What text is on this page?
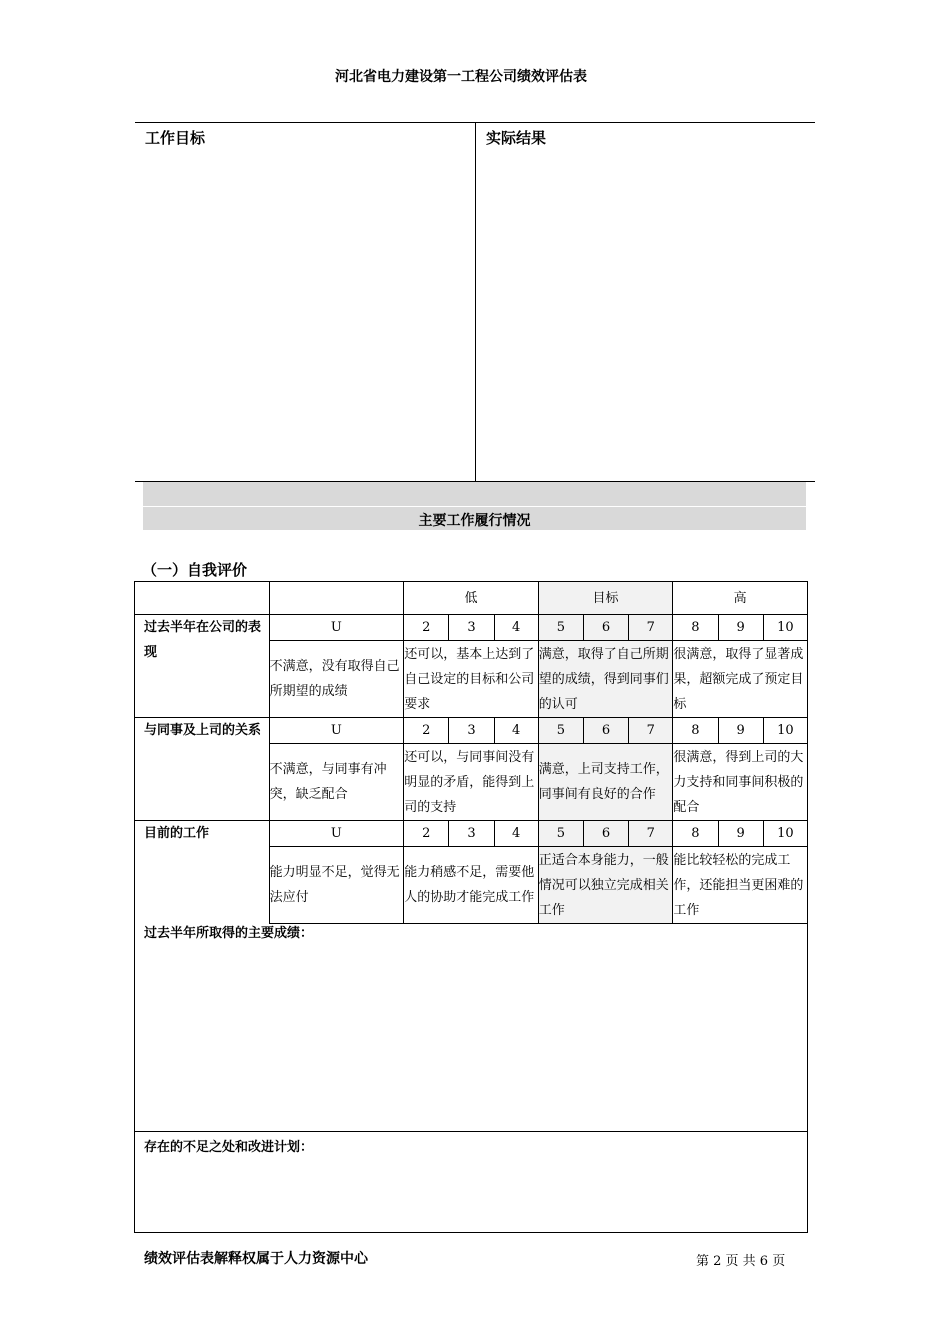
河北省电力建设第一工程公司绩效评估表
工作目标	实际结果
主要工作履行情况
（一）自我评价
		低			目标			高		
过去半年在公司的表现	U	2	3	4	5	6	7	8	9	10
	不满意，没有取得自己所期望的成绩	还可以，基本上达到了自己设定的目标和公司要求			满意，取得了自己所期望的成绩，得到同事们的认可			很满意，取得了显著成果，超额完成了预定目标		
与同事及上司的关系	U	2	3	4	5	6	7	8	9	10
	不满意，与同事有冲突，缺乏配合	还可以，与同事间没有明显的矛盾，能得到上司的支持			满意，上司支持工作，同事间有良好的合作			很满意，得到上司的大力支持和同事间积极的配合		
目前的工作	U	2	3	4	5	6	7	8	9	10
	能力明显不足，觉得无法应付	能力稍感不足，需要他人的协助才能完成工作			正适合本身能力，一般情况可以独立完成相关工作			能比较轻松的完成工作，还能担当更困难的工作		
过去半年所取得的主要成绩：
存在的不足之处和改进计划：
绩效评估表解释权属于人力资源中心	第 2 页 共 6 页
